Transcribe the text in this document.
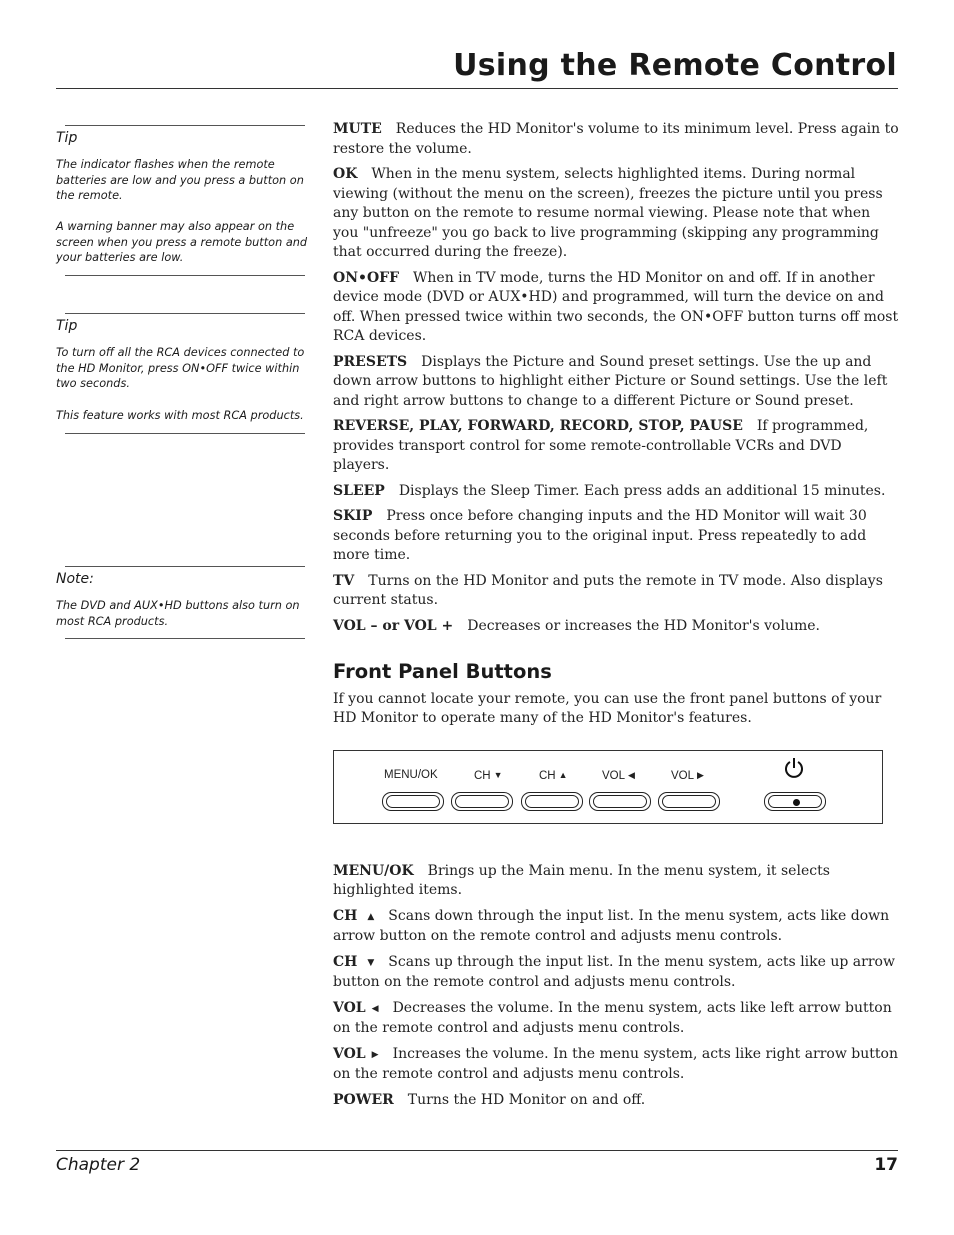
Using the Remote Control
Tip

The indicator flashes when the remote batteries are low and you press a button on the remote.

A warning banner may also appear on the screen when you press a remote button and your batteries are low.

Tip

To turn off all the RCA devices connected to the HD Monitor, press ON•OFF twice within two seconds.

This feature works with most RCA products.

Note:

The DVD and AUX•HD buttons also turn on most RCA products.

MUTE Reduces the HD Monitor's volume to its minimum level. Press again to restore the volume.

OK When in the menu system, selects highlighted items. During normal viewing (without the menu on the screen), freezes the picture until you press any button on the remote to resume normal viewing. Please note that when you "unfreeze" you go back to live programming (skipping any programming that occurred during the freeze).

ON•OFF When in TV mode, turns the HD Monitor on and off. If in another device mode (DVD or AUX•HD) and programmed, will turn the device on and off. When pressed twice within two seconds, the ON•OFF button turns off most RCA devices.

PRESETS Displays the Picture and Sound preset settings. Use the up and down arrow buttons to highlight either Picture or Sound settings. Use the left and right arrow buttons to change to a different Picture or Sound preset.

REVERSE, PLAY, FORWARD, RECORD, STOP, PAUSE If programmed, provides transport control for some remote-controllable VCRs and DVD players.

SLEEP Displays the Sleep Timer. Each press adds an additional 15 minutes.

SKIP Press once before changing inputs and the HD Monitor will wait 30 seconds before returning you to the original input. Press repeatedly to add more time.

TV Turns on the HD Monitor and puts the remote in TV mode. Also displays current status.

VOL – or VOL + Decreases or increases the HD Monitor's volume.

Front Panel Buttons

If you cannot locate your remote, you can use the front panel buttons of your HD Monitor to operate many of the HD Monitor's features.

MENU/OK	CH ▼	CH ▲	VOL ◀	VOL ▶

MENU/OK Brings up the Main menu. In the menu system, it selects highlighted items.

CH ▲ Scans down through the input list. In the menu system, acts like down arrow button on the remote control and adjusts menu controls.

CH ▼ Scans up through the input list. In the menu system, acts like up arrow button on the remote control and adjusts menu controls.

VOL ◀ Decreases the volume. In the menu system, acts like left arrow button on the remote control and adjusts menu controls.

VOL ▶ Increases the volume. In the menu system, acts like right arrow button on the remote control and adjusts menu controls.

POWER Turns the HD Monitor on and off.

Chapter 2	17
